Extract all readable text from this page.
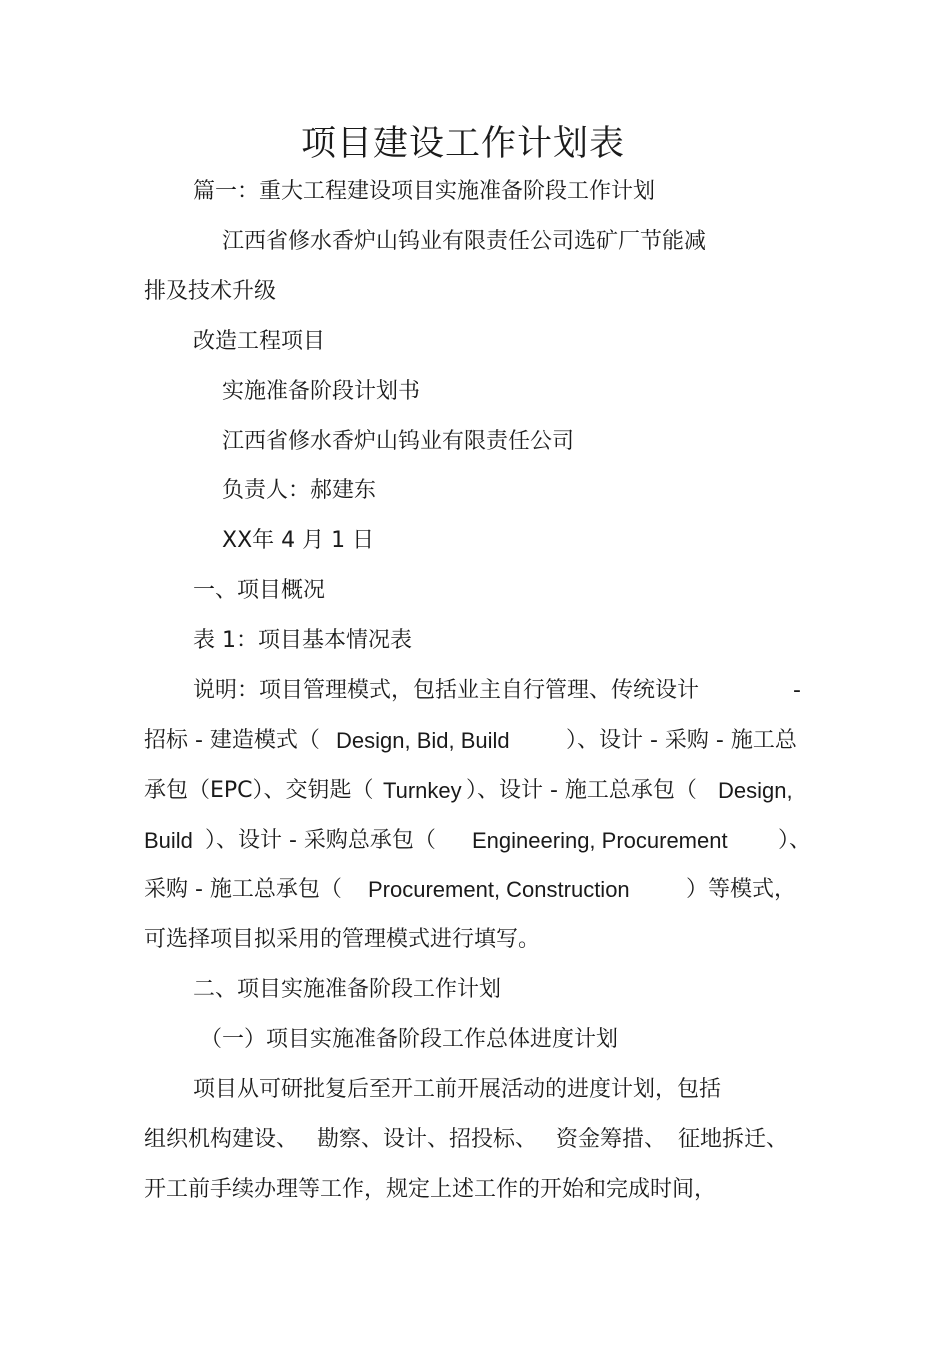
项目建设工作计划表
篇一：重大工程建设项目实施准备阶段工作计划
江西省修水香炉山钨业有限责任公司选矿厂节能减
排及技术升级
改造工程项目
实施准备阶段计划书
江西省修水香炉山钨业有限责任公司
负责人：郝建东
XX年 4 月 1 日
一、项目概况
表 1：项目基本情况表
说明：项目管理模式，包括业主自行管理、传统设计	-
招标 - 建造模式（ Design, Bid, Build	）、设计 - 采购 - 施工总
承包（EPC）、交钥匙（ Turnkey ）、设计 - 施工总承包（ Design,
Build ）、设计 - 采购总承包（ Engineering, Procurement ）、
采购 - 施工总承包（ Procurement, Construction	）等模式，
可选择项目拟采用的管理模式进行填写。
二、项目实施准备阶段工作计划
（一）项目实施准备阶段工作总体进度计划
项目从可研批复后至开工前开展活动的进度计划，包括
组织机构建设、 勘察、设计、招投标、 资金筹措、 征地拆迁、
开工前手续办理等工作，规定上述工作的开始和完成时间，
